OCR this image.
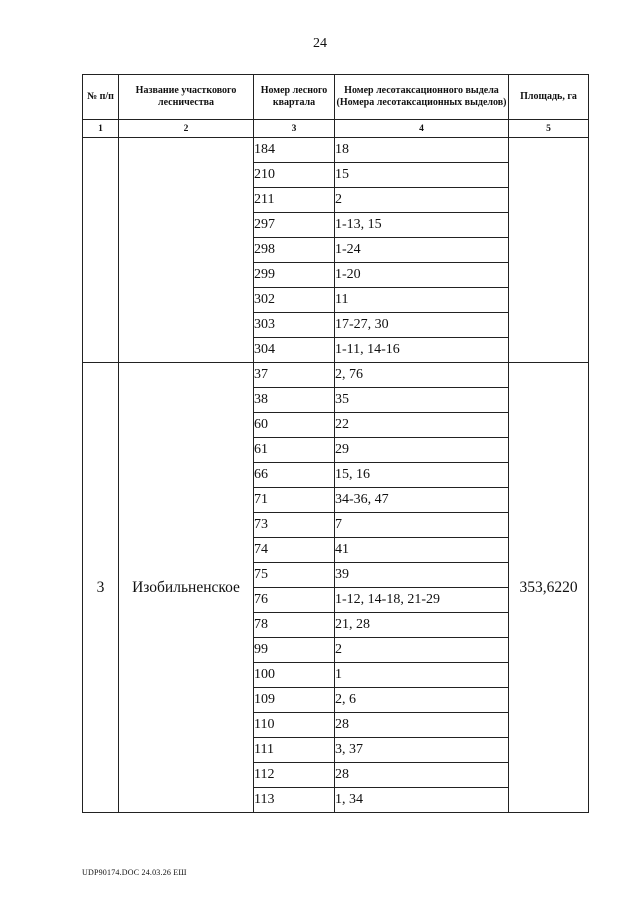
24
№ п/п	Название участкового лесничества	Номер лесного квартала	Номер лесотаксационного выдела (Номера лесотаксационных выделов)	Площадь, га
1	2	3	4	5
		184	18	
		210	15	
		211	2	
		297	1-13, 15	
		298	1-24	
		299	1-20	
		302	11	
		303	17-27, 30	
		304	1-11, 14-16	
3	Изобильненское	37	2, 76	353,6220
		38	35	
		60	22	
		61	29	
		66	15, 16	
		71	34-36, 47	
		73	7	
		74	41	
		75	39	
		76	1-12, 14-18, 21-29	
		78	21, 28	
		99	2	
		100	1	
		109	2, 6	
		110	28	
		111	3, 37	
		112	28	
		113	1, 34	
UDP90174.DOC 24.03.26 ЕШ
